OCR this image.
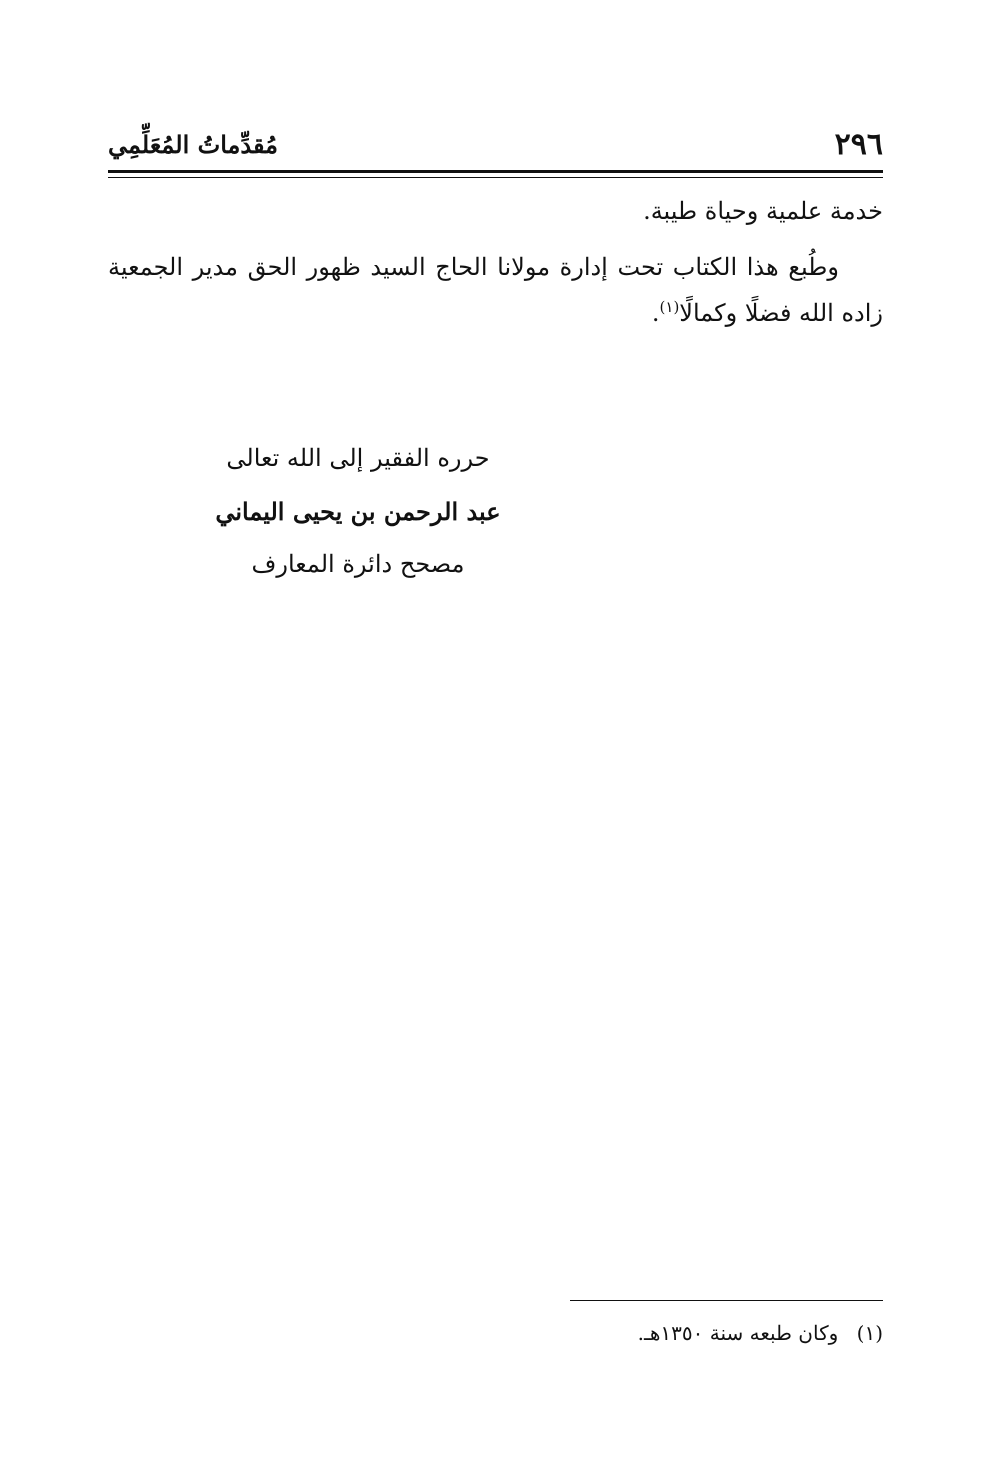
٢٩٦
مُقدِّماتُ المُعَلِّمِي

خدمة علمية وحياة طيبة.

وطُبع هذا الكتاب تحت إدارة مولانا الحاج السيد ظهور الحق مدير الجمعية زاده الله فضلًا وكمالًا$^{(١)}$.

حرره الفقير إلى الله تعالى
عبد الرحمن بن يحيى اليماني
مصحح دائرة المعارف
(١) وكان طبعه سنة ١٣٥٠هـ.
